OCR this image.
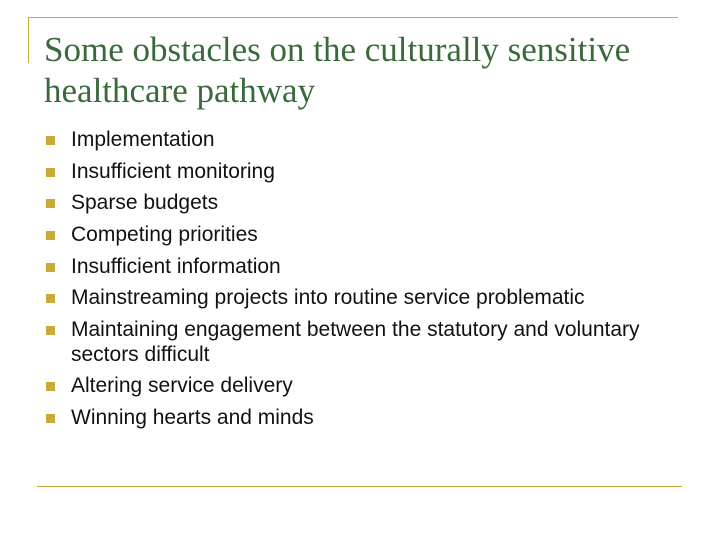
Some obstacles on the culturally sensitive healthcare pathway
Implementation
Insufficient monitoring
Sparse budgets
Competing priorities
Insufficient information
Mainstreaming projects into routine service problematic
Maintaining engagement between the statutory and voluntary sectors difficult
Altering service delivery
Winning hearts and minds
